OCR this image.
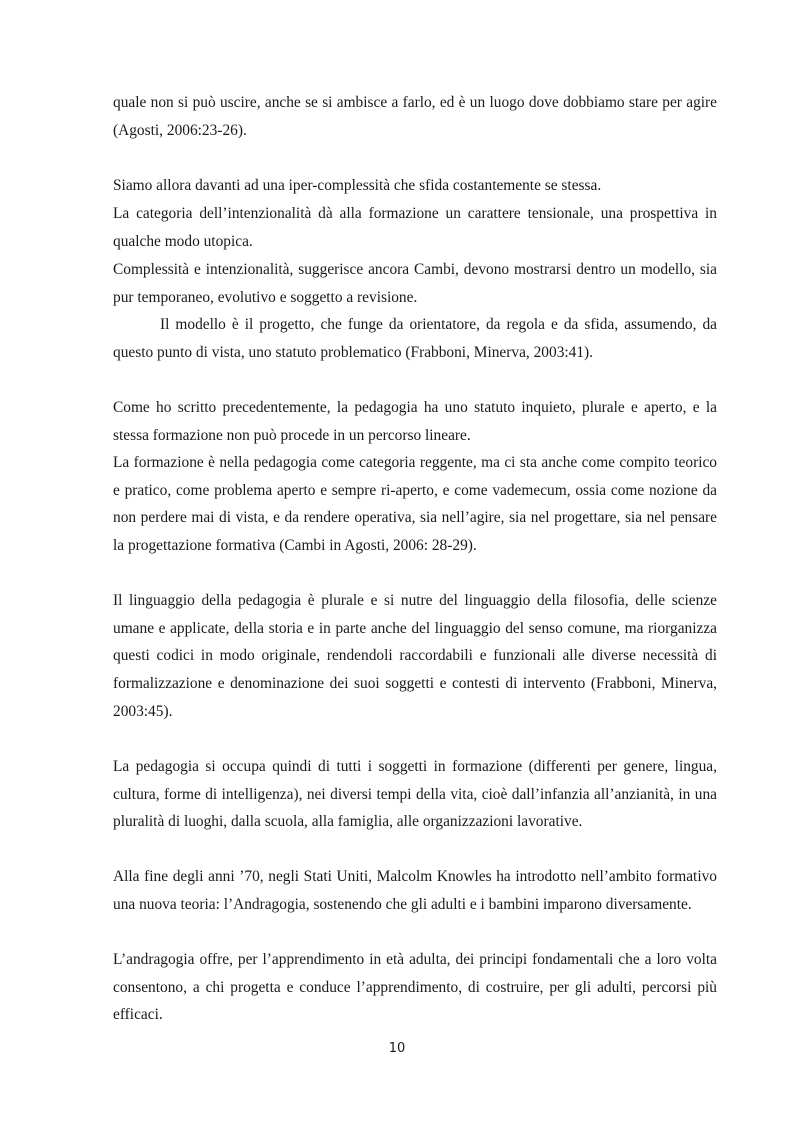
quale non si può uscire, anche se si ambisce a farlo, ed è un luogo dove dobbiamo stare per agire (Agosti, 2006:23-26).

Siamo allora davanti ad una iper-complessità che sfida costantemente se stessa.

La categoria dell’intenzionalità dà alla formazione un carattere tensionale, una prospettiva in qualche modo utopica.

Complessità e intenzionalità, suggerisce ancora Cambi, devono mostrarsi dentro un modello, sia pur temporaneo, evolutivo e soggetto a revisione.

Il modello è il progetto, che funge da orientatore, da regola e da sfida, assumendo, da questo punto di vista, uno statuto problematico (Frabboni, Minerva, 2003:41).

Come ho scritto precedentemente, la pedagogia ha uno statuto inquieto, plurale e aperto, e la stessa formazione non può procede in un percorso lineare.

La formazione è nella pedagogia come categoria reggente, ma ci sta anche come compito teorico e pratico, come problema aperto e sempre ri-aperto, e come vademecum, ossia come nozione da non perdere mai di vista, e da rendere operativa, sia nell’agire, sia nel progettare, sia nel pensare la progettazione formativa (Cambi in Agosti, 2006: 28-29).

Il linguaggio della pedagogia è plurale e si nutre del linguaggio della filosofia, delle scienze umane e applicate, della storia e in parte anche del linguaggio del senso comune, ma riorganizza questi codici in modo originale, rendendoli raccordabili e funzionali alle diverse necessità di formalizzazione e denominazione dei suoi soggetti e contesti di intervento (Frabboni, Minerva, 2003:45).

La pedagogia si occupa quindi di tutti i soggetti in formazione (differenti per genere, lingua, cultura, forme di intelligenza), nei diversi tempi della vita, cioè dall’infanzia all’anzianità, in una pluralità di luoghi, dalla scuola, alla famiglia, alle organizzazioni lavorative.

Alla fine degli anni ’70, negli Stati Uniti, Malcolm Knowles ha introdotto nell’ambito formativo una nuova teoria: l’Andragogia, sostenendo che gli adulti e i bambini imparono diversamente.

L’andragogia offre, per l’apprendimento in età adulta, dei principi fondamentali che a loro volta consentono, a chi progetta e conduce l’apprendimento, di costruire, per gli adulti, percorsi più efficaci.

10
